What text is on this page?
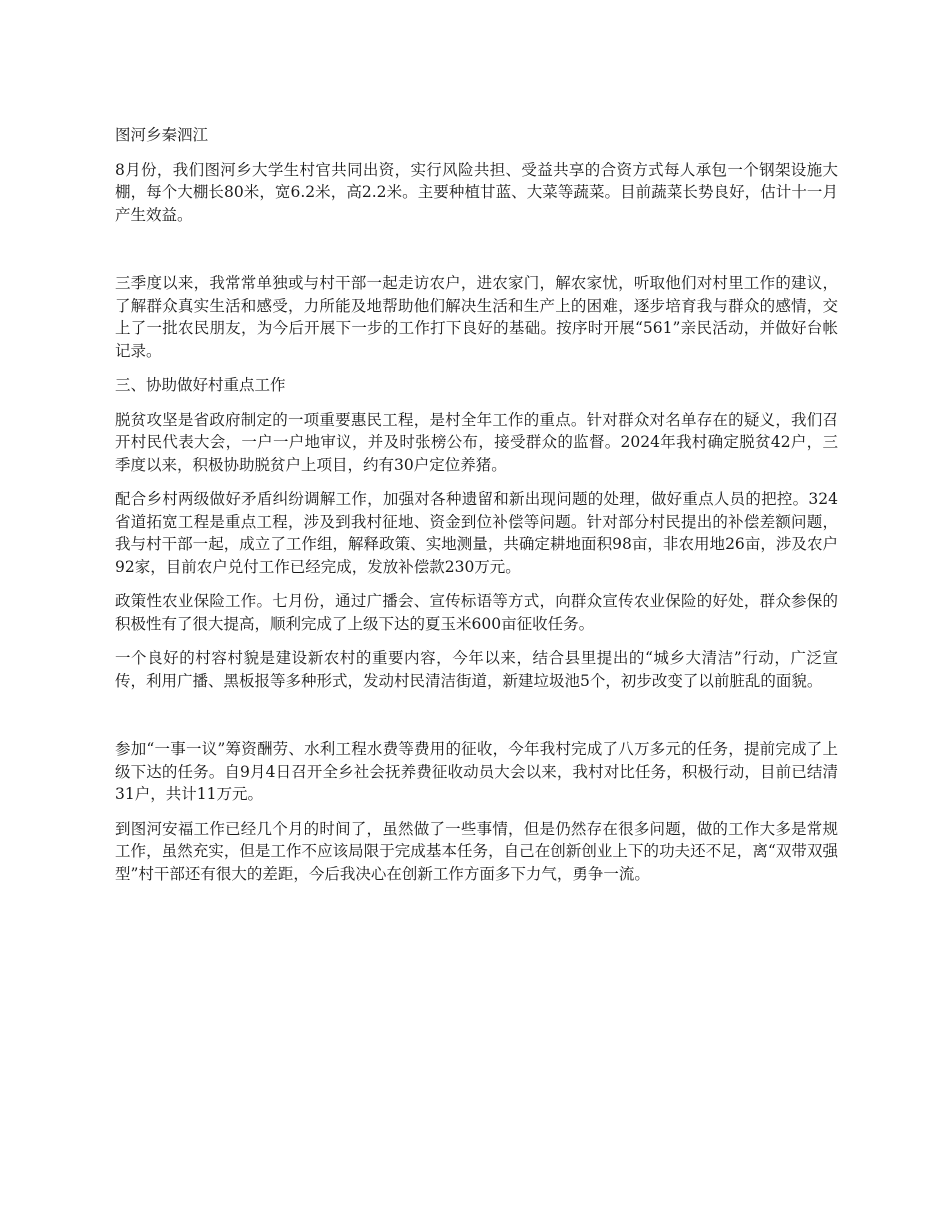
图河乡秦泗江

8月份，我们图河乡大学生村官共同出资，实行风险共担、受益共享的合资方式每人承包一个钢架设施大棚，每个大棚长80米，宽6.2米，高2.2米。主要种植甘蓝、大菜等蔬菜。目前蔬菜长势良好，估计十一月产生效益。

三季度以来，我常常单独或与村干部一起走访农户，进农家门，解农家忧，听取他们对村里工作的建议，了解群众真实生活和感受，力所能及地帮助他们解决生活和生产上的困难，逐步培育我与群众的感情，交上了一批农民朋友，为今后开展下一步的工作打下良好的基础。按序时开展“561”亲民活动，并做好台帐记录。

三、协助做好村重点工作

脱贫攻坚是省政府制定的一项重要惠民工程，是村全年工作的重点。针对群众对名单存在的疑义，我们召开村民代表大会，一户一户地审议，并及时张榜公布，接受群众的监督。2024年我村确定脱贫42户，三季度以来，积极协助脱贫户上项目，约有30户定位养猪。

配合乡村两级做好矛盾纠纷调解工作，加强对各种遗留和新出现问题的处理，做好重点人员的把控。324省道拓宽工程是重点工程，涉及到我村征地、资金到位补偿等问题。针对部分村民提出的补偿差额问题，我与村干部一起，成立了工作组，解释政策、实地测量，共确定耕地面积98亩，非农用地26亩，涉及农户92家，目前农户兑付工作已经完成，发放补偿款230万元。

政策性农业保险工作。七月份，通过广播会、宣传标语等方式，向群众宣传农业保险的好处，群众参保的积极性有了很大提高，顺利完成了上级下达的夏玉米600亩征收任务。

一个良好的村容村貌是建设新农村的重要内容，今年以来，结合县里提出的“城乡大清洁”行动，广泛宣传，利用广播、黑板报等多种形式，发动村民清洁街道，新建垃圾池5个，初步改变了以前脏乱的面貌。

参加“一事一议”筹资酬劳、水利工程水费等费用的征收，今年我村完成了八万多元的任务，提前完成了上级下达的任务。自9月4日召开全乡社会抚养费征收动员大会以来，我村对比任务，积极行动，目前已结清31户，共计11万元。

到图河安福工作已经几个月的时间了，虽然做了一些事情，但是仍然存在很多问题，做的工作大多是常规工作，虽然充实，但是工作不应该局限于完成基本任务，自己在创新创业上下的功夫还不足，离“双带双强型”村干部还有很大的差距，今后我决心在创新工作方面多下力气，勇争一流。
